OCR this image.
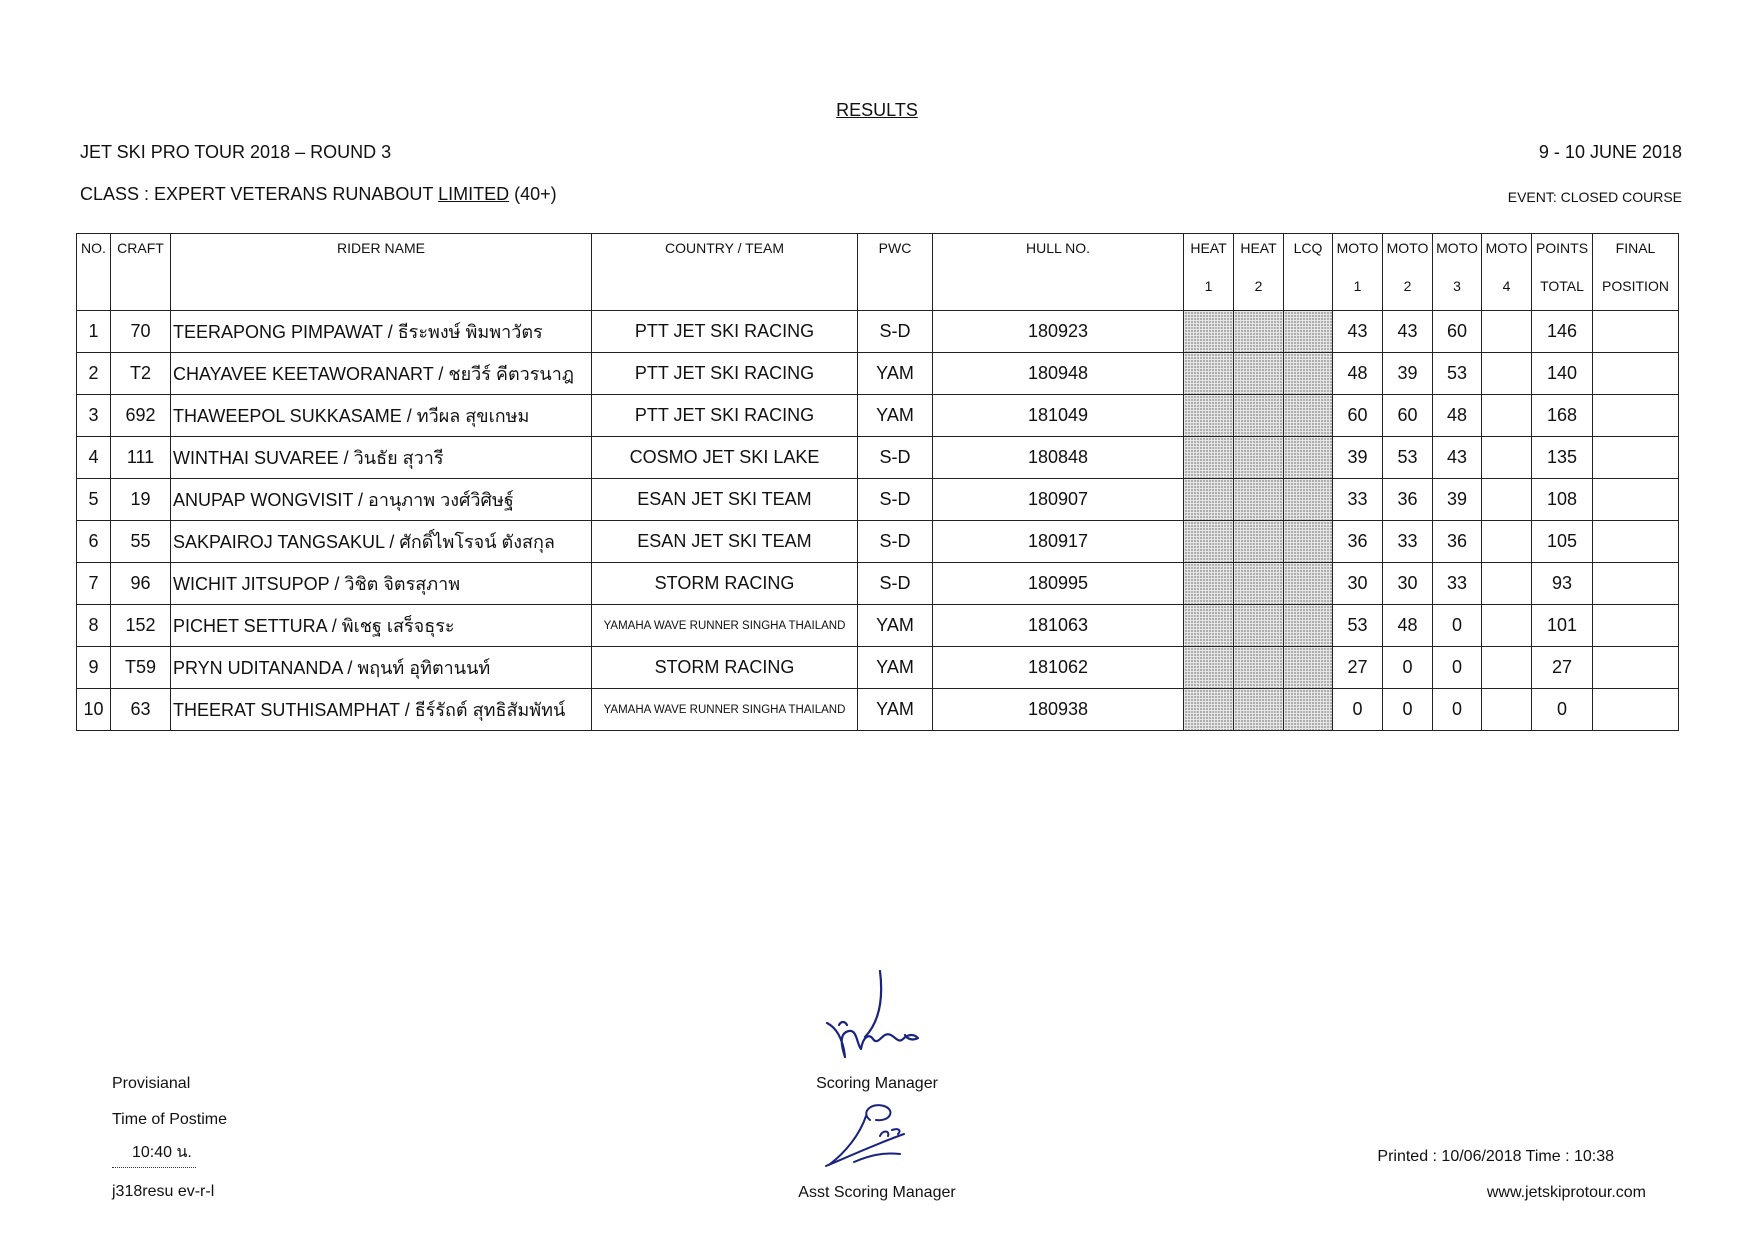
RESULTS
JET SKI PRO TOUR 2018 – ROUND 3	9 - 10 JUNE 2018
CLASS : EXPERT VETERANS RUNABOUT LIMITED (40+)	EVENT: CLOSED COURSE
NO.	CRAFT	RIDER NAME	COUNTRY / TEAM	PWC	HULL NO.	HEAT	HEAT	LCQ	MOTO	MOTO	MOTO	MOTO	POINTS	FINAL
						1	2		1	2	3	4	TOTAL	POSITION
1	70	TEERAPONG PIMPAWAT / ธีระพงษ์ พิมพาวัตร	PTT JET SKI RACING	S-D	180923				43	43	60		146	
2	T2	CHAYAVEE KEETAWORANART / ชยวีร์ คีตวรนาฎ	PTT JET SKI RACING	YAM	180948				48	39	53		140	
3	692	THAWEEPOL SUKKASAME / ทวีผล สุขเกษม	PTT JET SKI RACING	YAM	181049				60	60	48		168	
4	111	WINTHAI SUVAREE / วินธัย สุวารี	COSMO JET SKI LAKE	S-D	180848				39	53	43		135	
5	19	ANUPAP WONGVISIT / อานุภาพ วงศ์วิศิษฐ์	ESAN JET SKI TEAM	S-D	180907				33	36	39		108	
6	55	SAKPAIROJ TANGSAKUL / ศักดิ์ไพโรจน์ ตังสกุล	ESAN JET SKI TEAM	S-D	180917				36	33	36		105	
7	96	WICHIT JITSUPOP / วิชิต จิตรสุภาพ	STORM RACING	S-D	180995				30	30	33		93	
8	152	PICHET SETTURA / พิเชฐ เสร็จธุระ	YAMAHA WAVE RUNNER SINGHA THAILAND	YAM	181063				53	48	0		101	
9	T59	PRYN UDITANANDA / พฤนท์ อุทิตานนท์	STORM RACING	YAM	181062				27	0	0		27	
10	63	THEERAT SUTHISAMPHAT / ธีร์รัถต์ สุทธิสัมพัทน์	YAMAHA WAVE RUNNER SINGHA THAILAND	YAM	180938				0	0	0		0	
Provisianal
Time of Postime
10:40 น.
j318resu ev-r-l
Scoring Manager
Asst Scoring Manager
Printed : 10/06/2018 Time : 10:38
www.jetskiprotour.com
